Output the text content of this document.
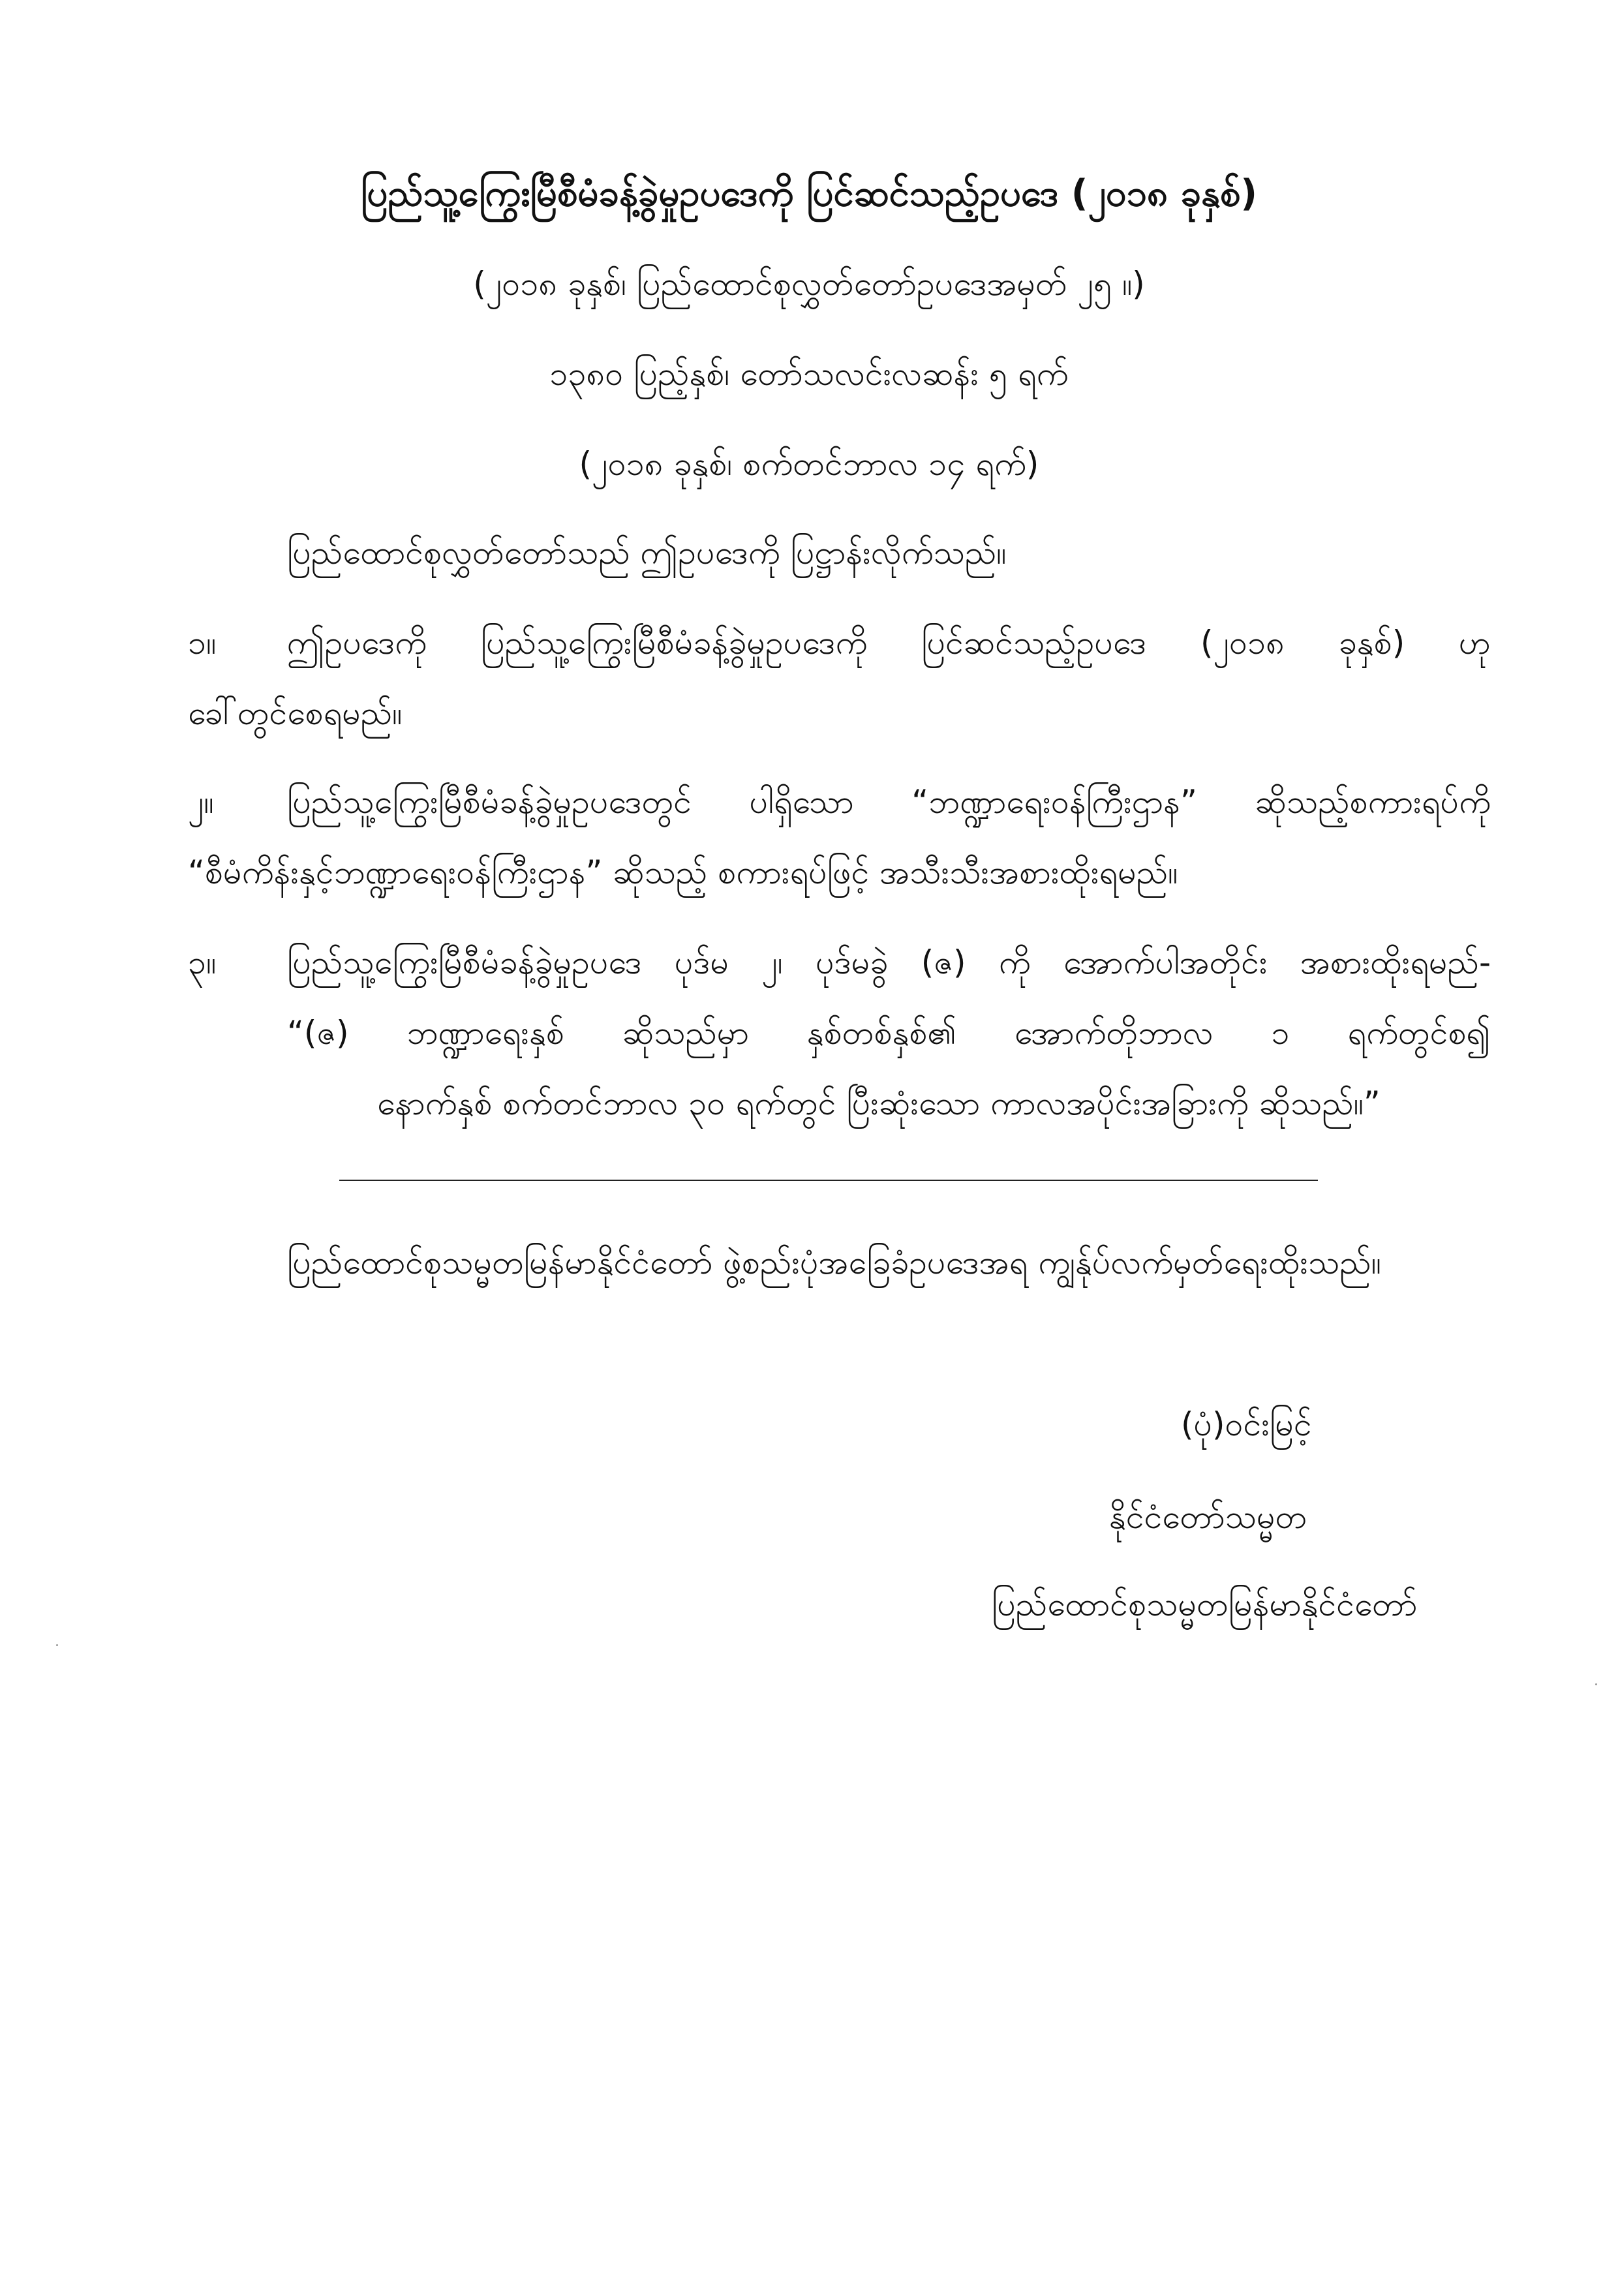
ပြည်သူ့ကြွေးမြီစီမံခန့်ခွဲမှုဥပဒေကို ပြင်ဆင်သည့်ဥပဒေ (၂၀၁၈ ခုနှစ်)
(၂၀၁၈ ခုနှစ်၊ ပြည်ထောင်စုလွှတ်တော်ဥပဒေအမှတ် ၂၅ ။)
၁၃၈၀ ပြည့်နှစ်၊ တော်သလင်းလဆန်း ၅ ရက်
(၂၀၁၈ ခုနှစ်၊ စက်တင်ဘာလ ၁၄ ရက်)
ပြည်ထောင်စုလွှတ်တော်သည် ဤဥပဒေကို ပြဋ္ဌာန်းလိုက်သည်။
၁။ ဤဥပဒေကို ပြည်သူ့ကြွေးမြီစီမံခန့်ခွဲမှုဥပဒေကို ပြင်ဆင်သည့်ဥပဒေ (၂၀၁၈ ခုနှစ်) ဟု
ခေါ်တွင်စေရမည်။
၂။ ပြည်သူ့ကြွေးမြီစီမံခန့်ခွဲမှုဥပဒေတွင် ပါရှိသော “ဘဏ္ဍာရေးဝန်ကြီးဌာန” ဆိုသည့်စကားရပ်ကို
“စီမံကိန်းနှင့်ဘဏ္ဍာရေးဝန်ကြီးဌာန” ဆိုသည့် စကားရပ်ဖြင့် အသီးသီးအစားထိုးရမည်။
၃။ ပြည်သူ့ကြွေးမြီစီမံခန့်ခွဲမှုဥပဒေ ပုဒ်မ ၂၊ ပုဒ်မခွဲ (ဇ) ကို အောက်ပါအတိုင်း အစားထိုးရမည်-
“(ဇ) ဘဏ္ဍာရေးနှစ် ဆိုသည်မှာ နှစ်တစ်နှစ်၏ အောက်တိုဘာလ ၁ ရက်တွင်စ၍
နောက်နှစ် စက်တင်ဘာလ ၃၀ ရက်တွင် ပြီးဆုံးသော ကာလအပိုင်းအခြားကို ဆိုသည်။”
ပြည်ထောင်စုသမ္မတမြန်မာနိုင်ငံတော် ဖွဲ့စည်းပုံအခြေခံဥပဒေအရ ကျွန်ုပ်လက်မှတ်ရေးထိုးသည်။
(ပုံ)ဝင်းမြင့်
နိုင်ငံတော်သမ္မတ
ပြည်ထောင်စုသမ္မတမြန်မာနိုင်ငံတော်
